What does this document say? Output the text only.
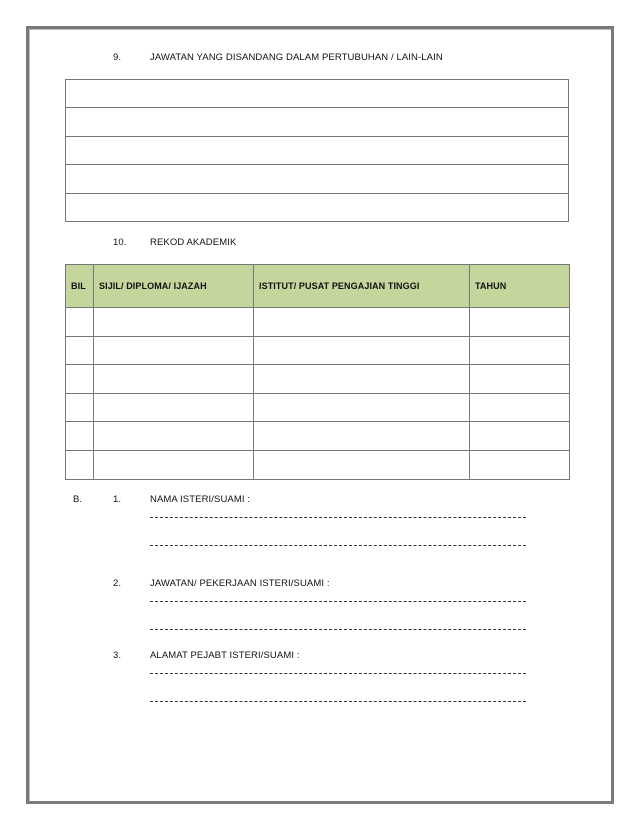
9.	JAWATAN YANG DISANDANG DALAM PERTUBUHAN / LAIN-LAIN

10. REKOD AKADEMIK
BIL	SIJIL/ DIPLOMA/ IJAZAH	ISTITUT/ PUSAT PENGAJIAN TINGGI	TAHUN

B.	1.	NAMA ISTERI/SUAMI :
2.	JAWATAN/ PEKERJAAN ISTERI/SUAMI :
3.	ALAMAT PEJABT ISTERI/SUAMI :
